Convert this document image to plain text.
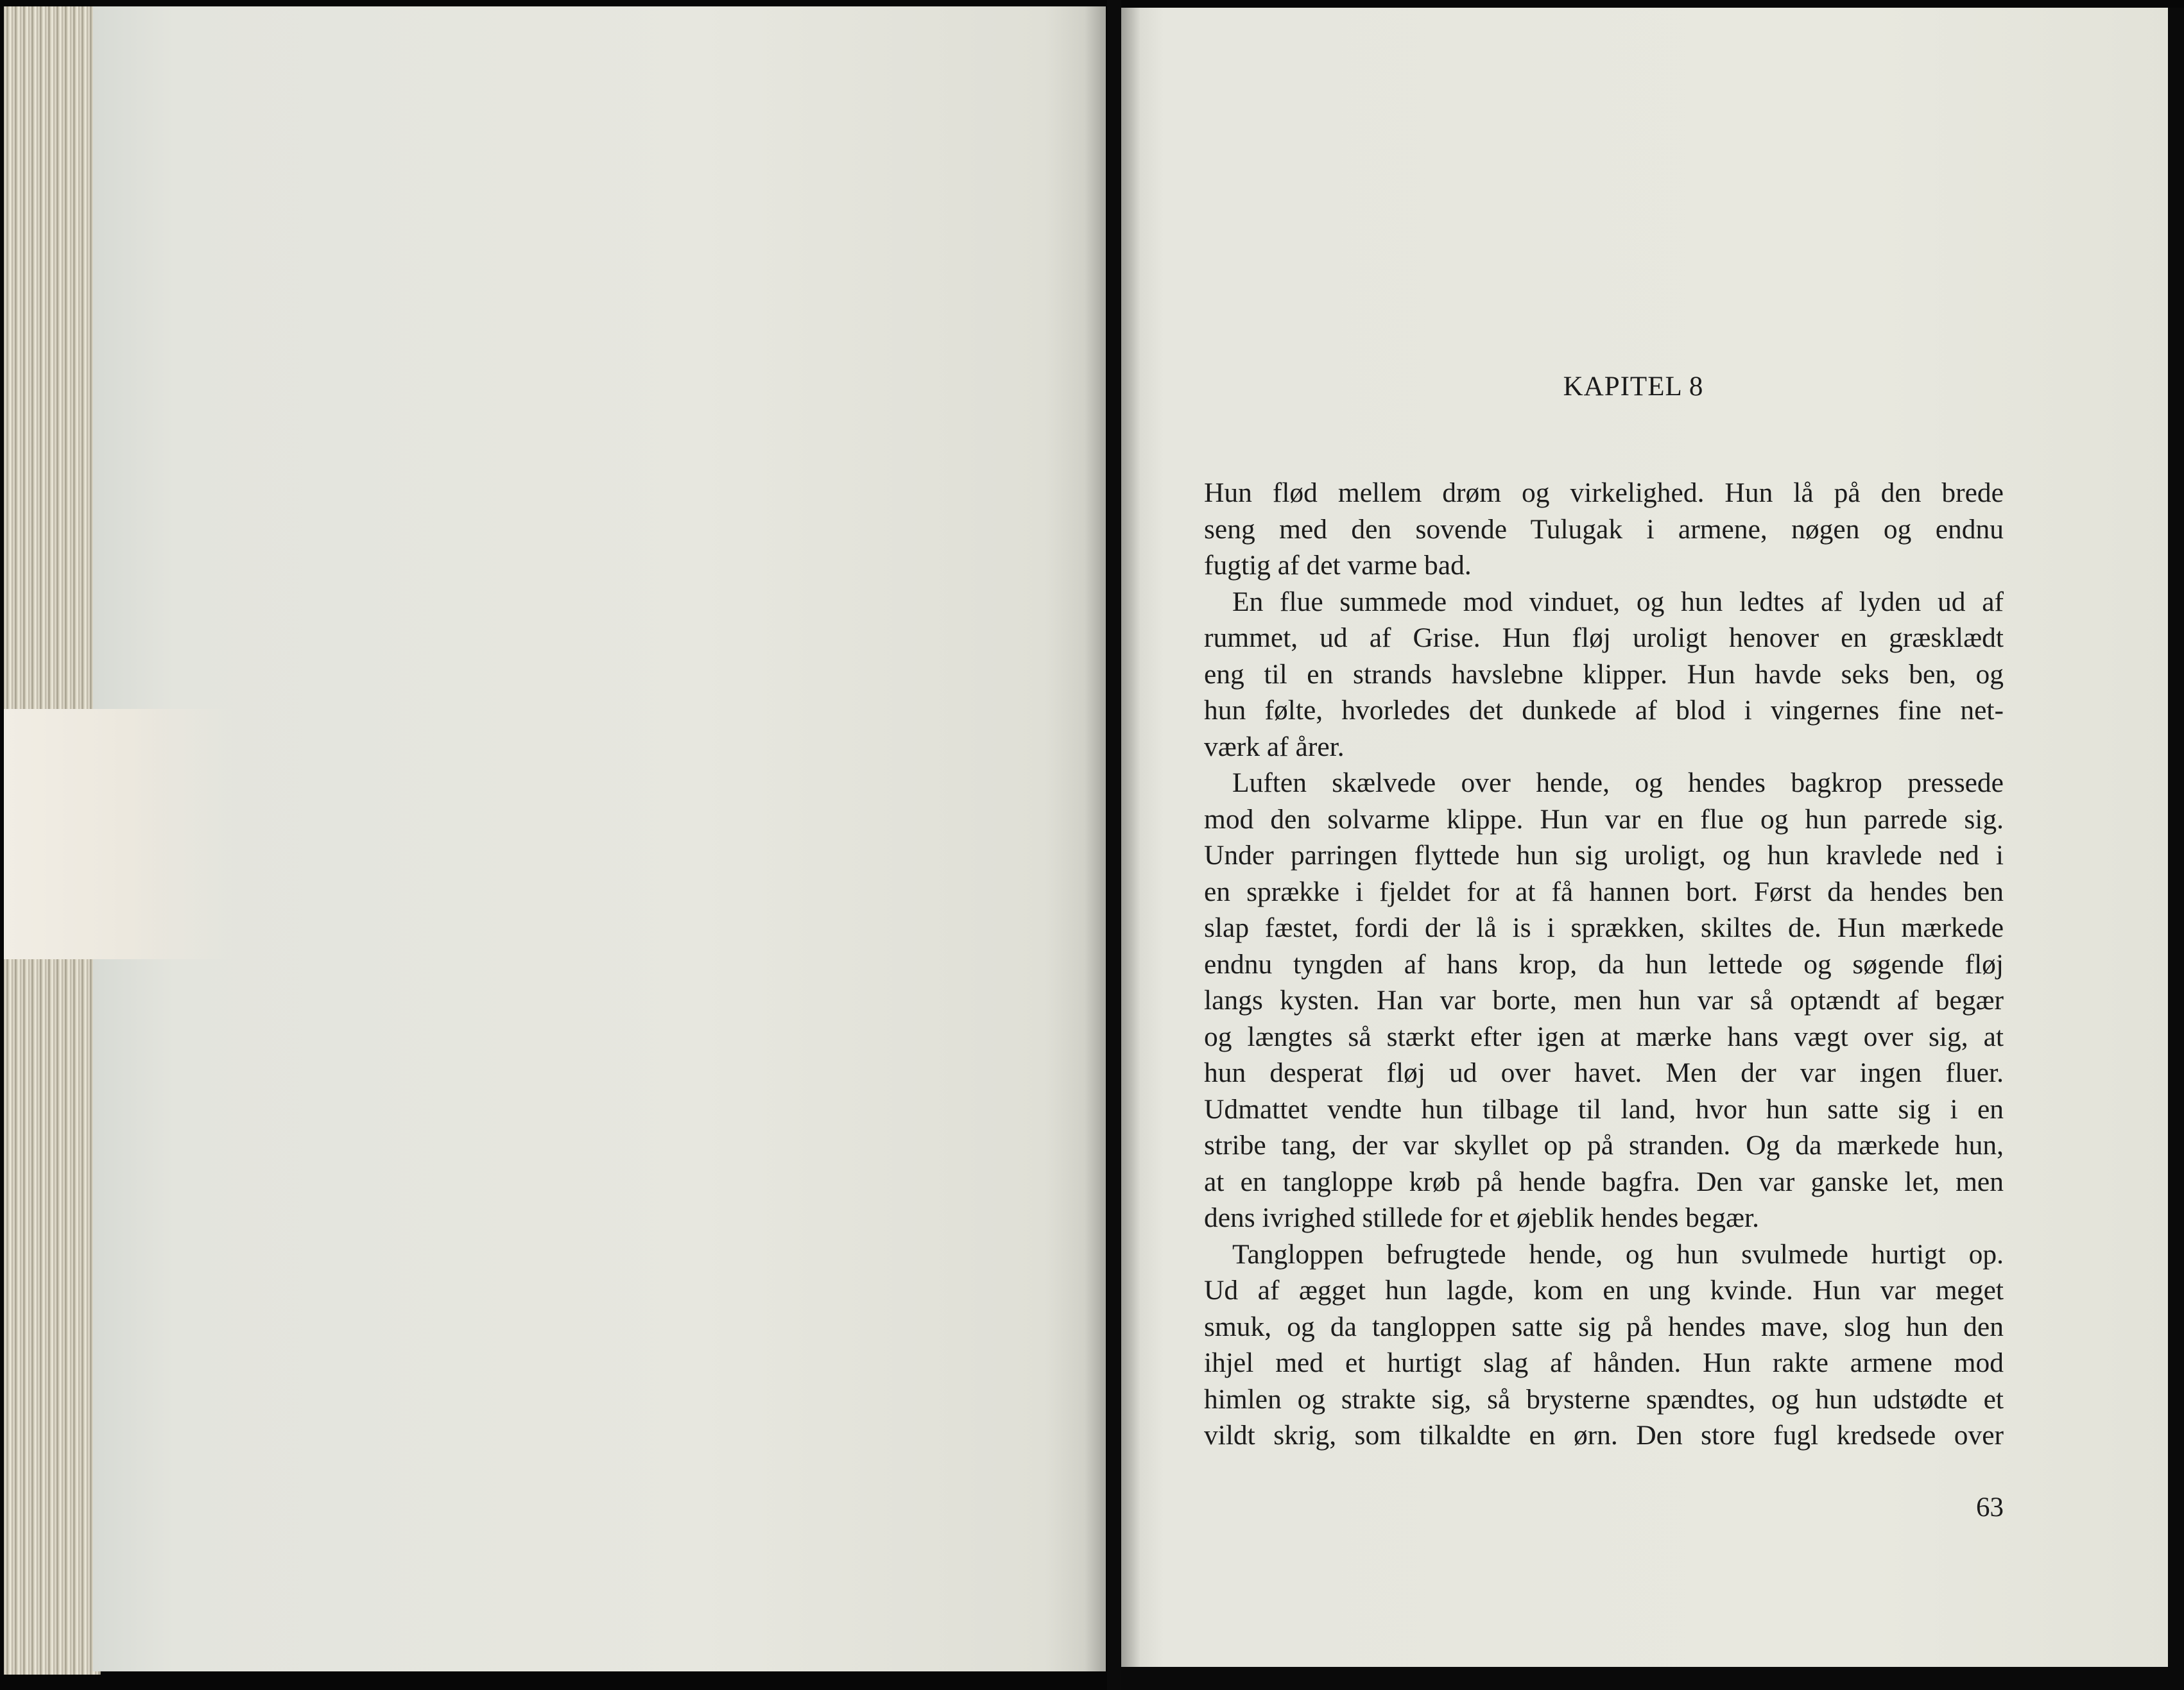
KAPITEL 8
Hun flød mellem drøm og virkelighed. Hun lå på den brede
seng med den sovende Tulugak i armene, nøgen og endnu
fugtig af det varme bad.
En flue summede mod vinduet, og hun ledtes af lyden ud af
rummet, ud af Grise. Hun fløj uroligt henover en græsklædt
eng til en strands havslebne klipper. Hun havde seks ben, og
hun følte, hvorledes det dunkede af blod i vingernes fine net-
værk af årer.
Luften skælvede over hende, og hendes bagkrop pressede
mod den solvarme klippe. Hun var en flue og hun parrede sig.
Under parringen flyttede hun sig uroligt, og hun kravlede ned i
en sprække i fjeldet for at få hannen bort. Først da hendes ben
slap fæstet, fordi der lå is i sprækken, skiltes de. Hun mærkede
endnu tyngden af hans krop, da hun lettede og søgende fløj
langs kysten. Han var borte, men hun var så optændt af begær
og længtes så stærkt efter igen at mærke hans vægt over sig, at
hun desperat fløj ud over havet. Men der var ingen fluer.
Udmattet vendte hun tilbage til land, hvor hun satte sig i en
stribe tang, der var skyllet op på stranden. Og da mærkede hun,
at en tangloppe krøb på hende bagfra. Den var ganske let, men
dens ivrighed stillede for et øjeblik hendes begær.
Tangloppen befrugtede hende, og hun svulmede hurtigt op.
Ud af ægget hun lagde, kom en ung kvinde. Hun var meget
smuk, og da tangloppen satte sig på hendes mave, slog hun den
ihjel med et hurtigt slag af hånden. Hun rakte armene mod
himlen og strakte sig, så brysterne spændtes, og hun udstødte et
vildt skrig, som tilkaldte en ørn. Den store fugl kredsede over
63
